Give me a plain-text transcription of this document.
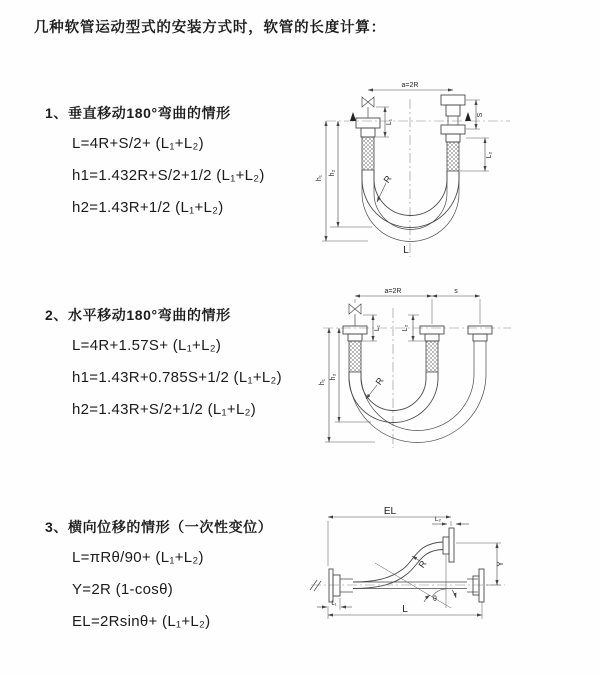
几种软管运动型式的安装方式时，软管的长度计算：
1、垂直移动180°弯曲的情形
L=4R+S/2+ (L₁+L₂)
h1=1.432R+S/2+1/2 (L₁+L₂)
h2=1.43R+1/2 (L₁+L₂)
2、水平移动180°弯曲的情形
L=4R+1.57S+ (L₁+L₂)
h1=1.43R+0.785S+1/2 (L₁+L₂)
h2=1.43R+S/2+1/2 (L₁+L₂)
3、横向位移的情形（一次性变位）
L=πRθ/90+ (L₁+L₂)
Y=2R (1-cosθ)
EL=2Rsinθ+ (L₁+L₂)
a=2R
S
L₂
L₁
h₁
h₂
R
L
a=2R	s
h₁
h₂
L₁	L₂
R
θ
R
EL
L₂
Y
L
L₁
